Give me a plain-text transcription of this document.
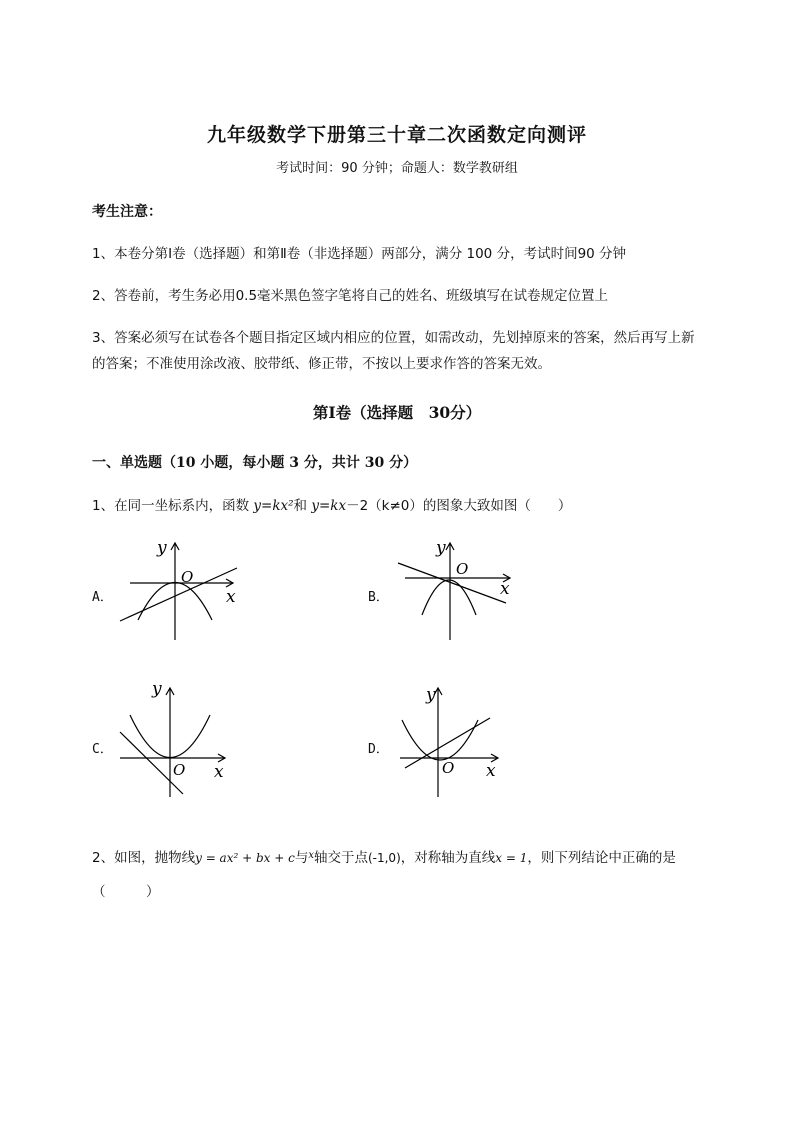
九年级数学下册第三十章二次函数定向测评
考试时间：90 分钟；命题人：数学教研组
考生注意：
1、本卷分第Ⅰ卷（选择题）和第Ⅱ卷（非选择题）两部分，满分 100 分，考试时间90 分钟
2、答卷前，考生务必用0.5毫米黑色签字笔将自己的姓名、班级填写在试卷规定位置上
3、答案必须写在试卷各个题目指定区域内相应的位置，如需改动，先划掉原来的答案，然后再写上新
的答案；不准使用涂改液、胶带纸、修正带，不按以上要求作答的答案无效。
第Ⅰ卷（选择题　30分）
一、单选题（10 小题，每小题 3 分，共计 30 分）
1、在同一坐标系内，函数 y=kx²和 y=kx－2（k≠0）的图象大致如图（　　）
A．
y
O
x	B．
y
O
x
C．
y
O x
D．
y
O x
2、如图，抛物线y = ax² + bx + c与$^x$轴交于点(-1,0)，对称轴为直线x = 1，则下列结论中正确的是
（　　　）
